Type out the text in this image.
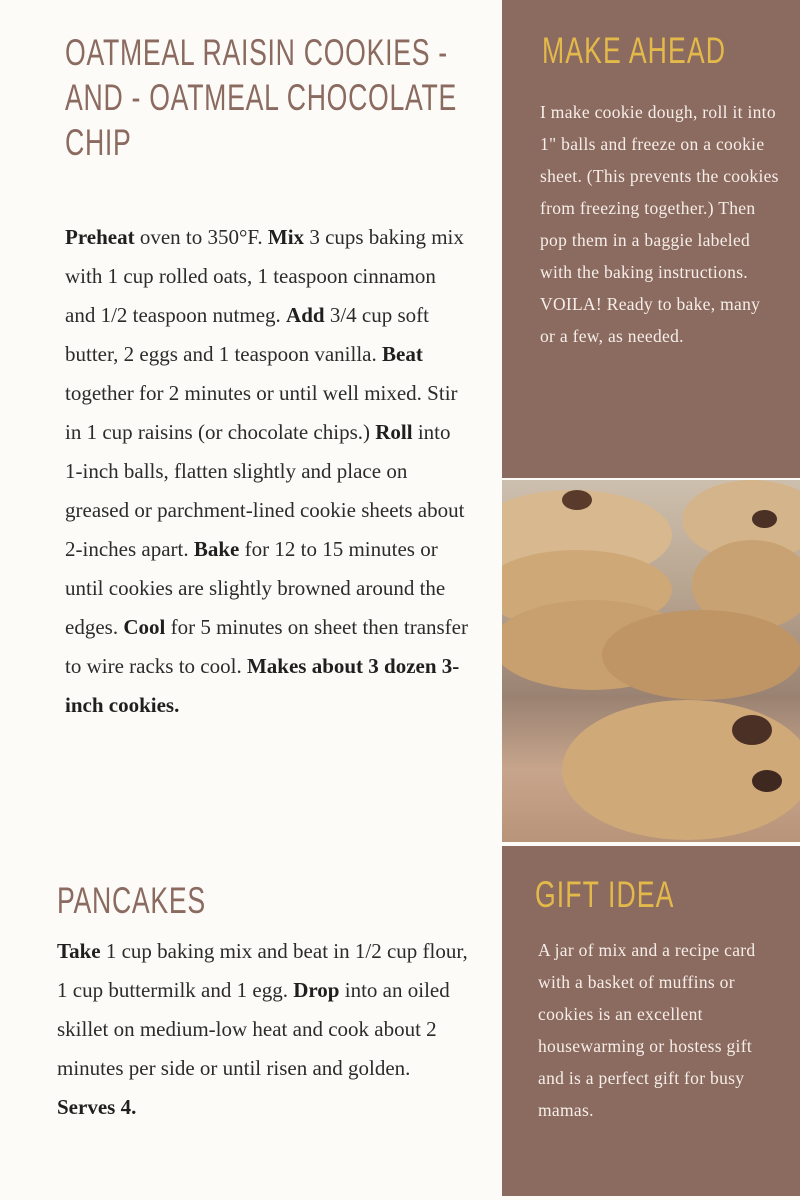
OATMEAL RAISIN COOKIES -AND - OATMEAL CHOCOLATE CHIP

Preheat oven to 350°F. Mix 3 cups baking mix with 1 cup rolled oats, 1 teaspoon cinnamon and 1/2 teaspoon nutmeg. Add 3/4 cup soft butter, 2 eggs and 1 teaspoon vanilla. Beat together for 2 minutes or until well mixed. Stir in 1 cup raisins (or chocolate chips.) Roll into 1-inch balls, flatten slightly and place on greased or parchment-lined cookie sheets about 2-inches apart. Bake for 12 to 15 minutes or until cookies are slightly browned around the edges. Cool for 5 minutes on sheet then transfer to wire racks to cool. Makes about 3 dozen 3-inch cookies.

PANCAKES

Take 1 cup baking mix and beat in 1/2 cup flour, 1 cup buttermilk and 1 egg. Drop into an oiled skillet on medium-low heat and cook about 2 minutes per side or until risen and golden. Serves 4.

MAKE AHEAD

I make cookie dough, roll it into 1" balls and freeze on a cookie sheet. (This prevents the cookies from freezing together.) Then pop them in a baggie labeled with the baking instructions. VOILA! Ready to bake, many or a few, as needed.

GIFT IDEA

A jar of mix and a recipe card with a basket of muffins or cookies is an excellent housewarming or hostess gift and is a perfect gift for busy mamas.
